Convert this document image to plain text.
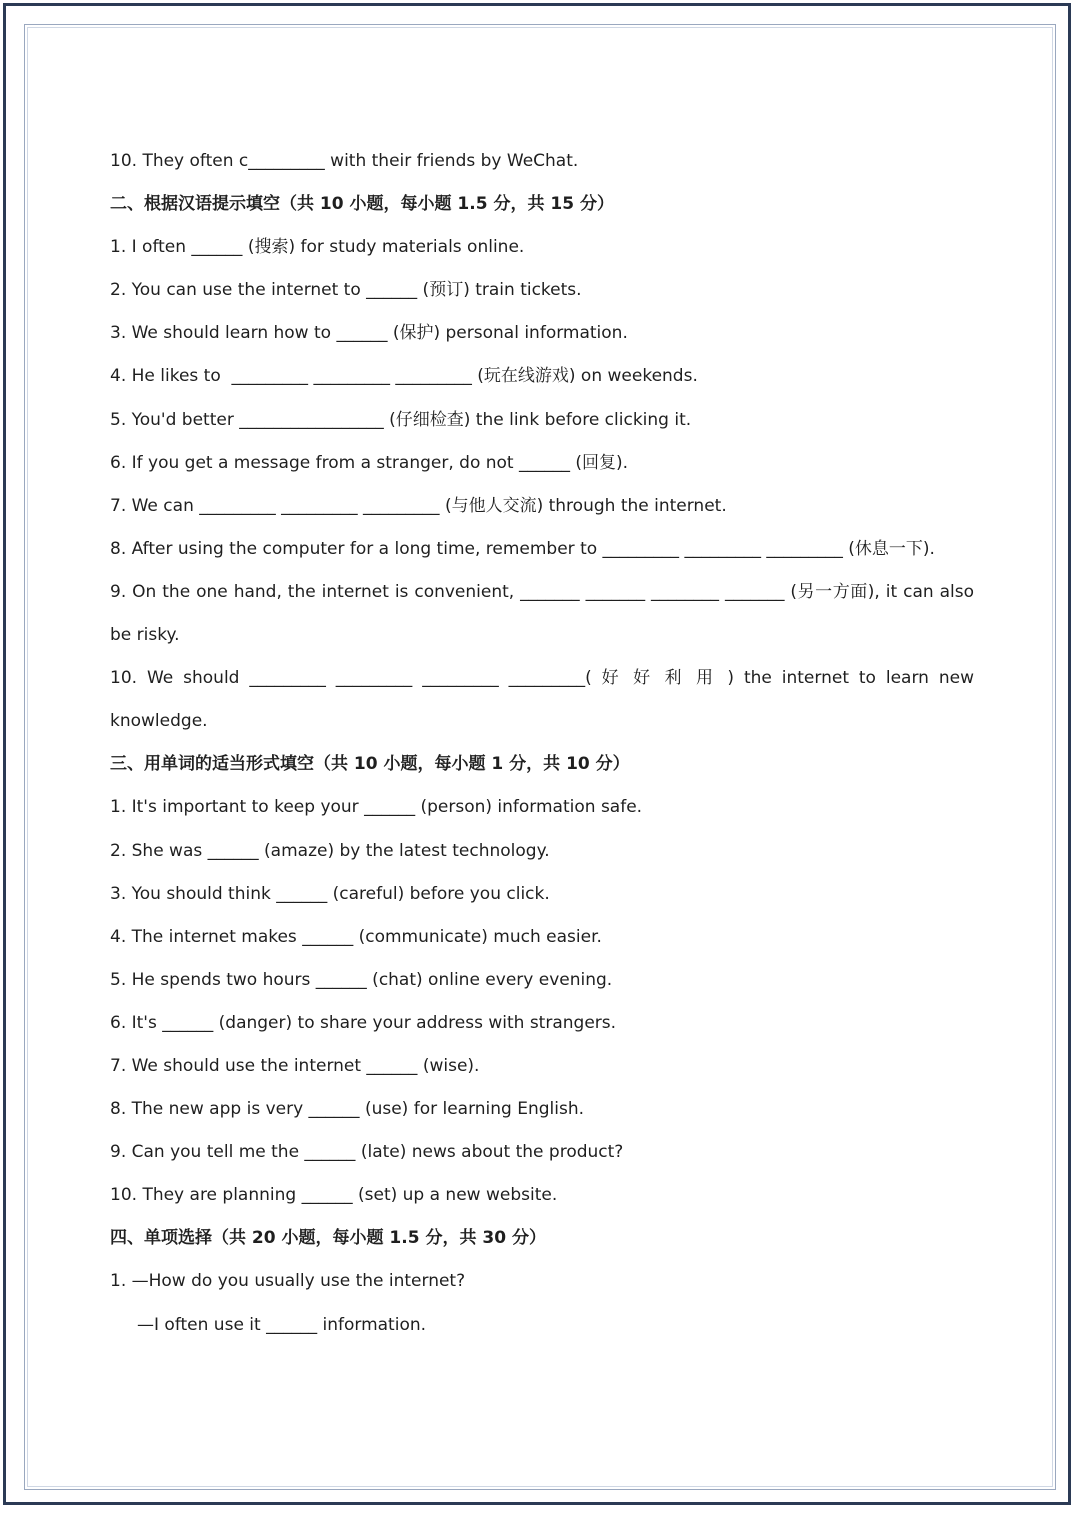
10. They often c_________ with their friends by WeChat.
二、根据汉语提示填空（共 10 小题，每小题 1.5 分，共 15 分）
1. I often ______ (搜索) for study materials online.
2. You can use the internet to ______ (预订) train tickets.
3. We should learn how to ______ (保护) personal information.
4. He likes to  _________ _________ _________ (玩在线游戏) on weekends.
5. You'd better _________________ (仔细检查) the link before clicking it.
6. If you get a message from a stranger, do not ______ (回复).
7. We can _________ _________ _________ (与他人交流) through the internet.
8. After using the computer for a long time, remember to _________ _________ _________ (休息一下).
9. On the one hand, the internet is convenient, _______ _______ ________ _______ (另一方面), it can also
be risky.
10. We should _________ _________ _________ _________( 好 好 利 用 ) the internet to learn new
knowledge.
三、用单词的适当形式填空（共 10 小题，每小题 1 分，共 10 分）
1. It's important to keep your ______ (person) information safe.
2. She was ______ (amaze) by the latest technology.
3. You should think ______ (careful) before you click.
4. The internet makes ______ (communicate) much easier.
5. He spends two hours ______ (chat) online every evening.
6. It's ______ (danger) to share your address with strangers.
7. We should use the internet ______ (wise).
8. The new app is very ______ (use) for learning English.
9. Can you tell me the ______ (late) news about the product?
10. They are planning ______ (set) up a new website.
四、单项选择（共 20 小题，每小题 1.5 分，共 30 分）
1. —How do you usually use the internet?
—I often use it ______ information.
